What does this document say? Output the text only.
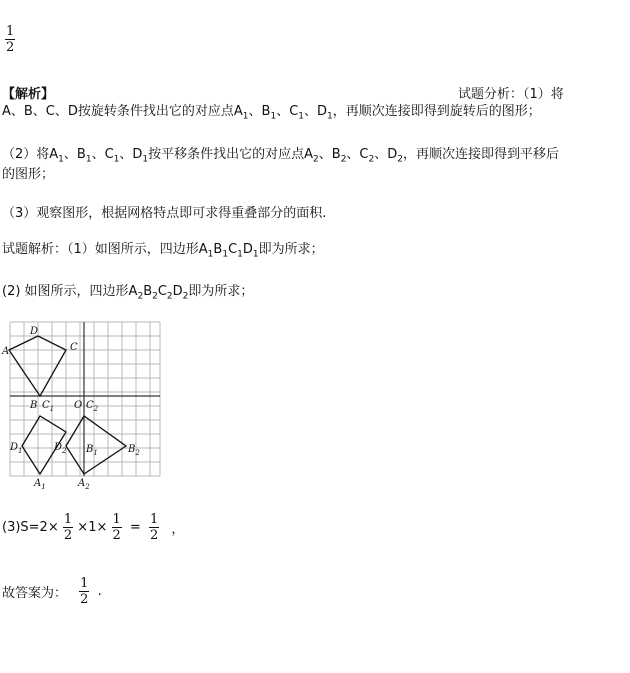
$\frac{1}{2}$
【解析】	试题分析：（1）将
A、B、C、D按旋转条件找出它的对应点$A_1$、$B_1$、$C_1$、$D_1$，再顺次连接即得到旋转后的图形；
（2）将$A_1$、$B_1$、$C_1$、$D_1$按平移条件找出它的对应点$A_2$、$B_2$、$C_2$、$D_2$，再顺次连接即得到平移后
的图形；
（3）观察图形，根据网格特点即可求得重叠部分的面积.
试题解析：（1）如图所示，四边形$A_1B_1C_1D_1$即为所求；
(2) 如图所示，四边形$A_2B_2C_2D_2$即为所求；
A
D
C
B $C_1$ O $C_2$
$D_1$	$D_2$ $B_1$	$B_2$
$A_1$	$A_2$
$(3)S=2\times \frac{1}{2} \times 1\times \frac{1}{2} = \frac{1}{2}$ ，
故答案为： $\frac{1}{2}$ .
